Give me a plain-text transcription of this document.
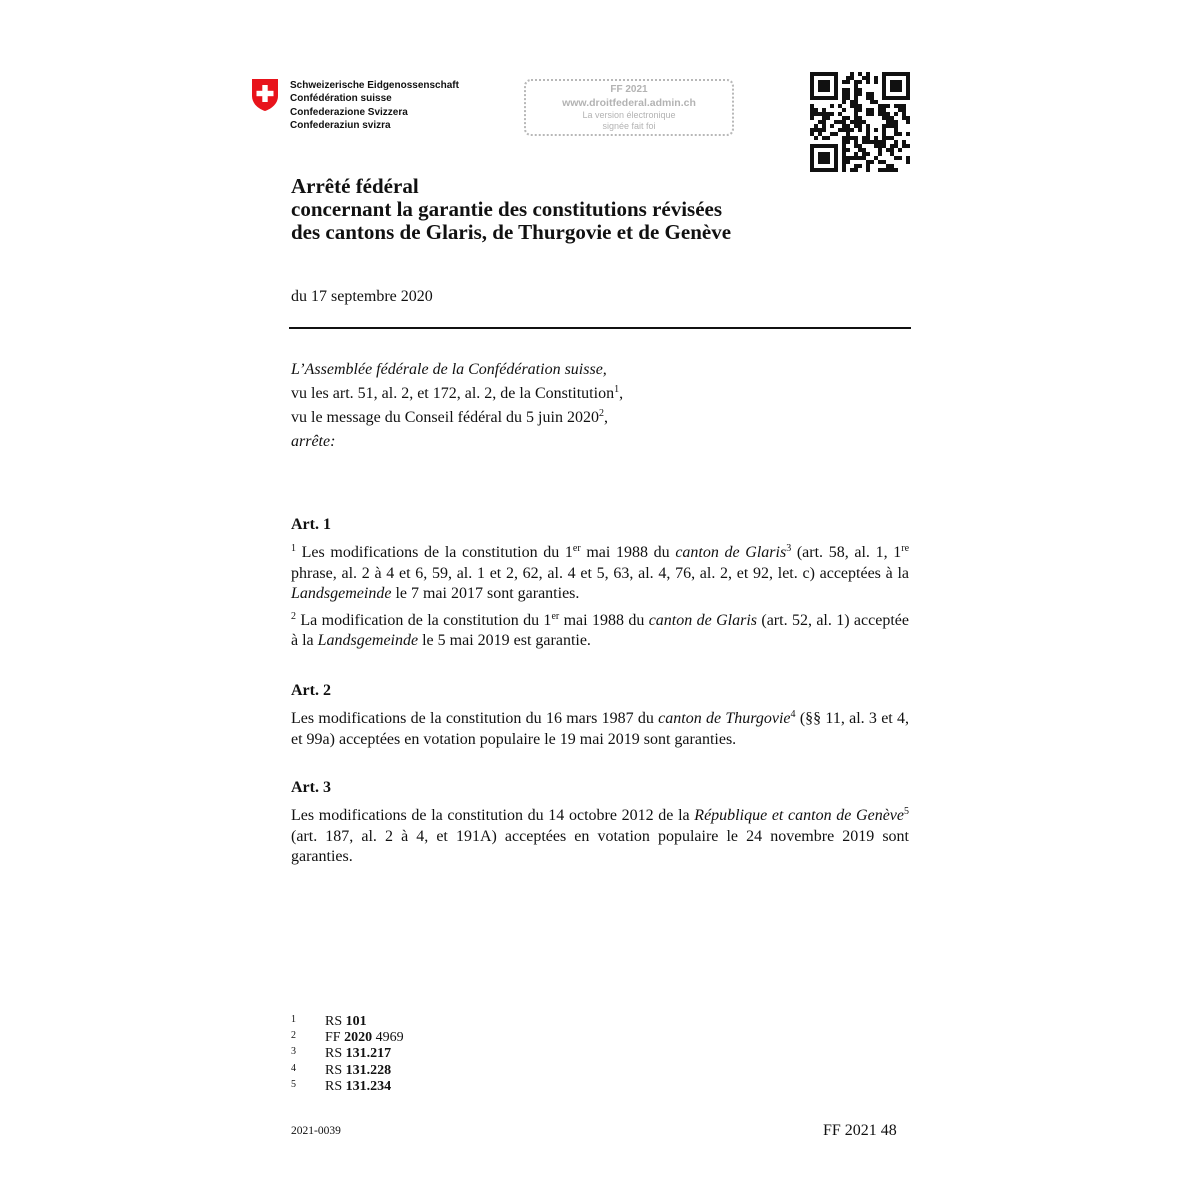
Schweizerische Eidgenossenschaft
Confédération suisse
Confederazione Svizzera
Confederaziun svizra
FF 2021
www.droitfederal.admin.ch
La version électronique
signée fait foi
Arrêté fédéral
concernant la garantie des constitutions révisées
des cantons de Glaris, de Thurgovie et de Genève
du 17 septembre 2020
L’Assemblée fédérale de la Confédération suisse,
vu les art. 51, al. 2, et 172, al. 2, de la Constitution$^1$,
vu le message du Conseil fédéral du 5 juin 2020$^2$,
arrête:
Art. 1
$^1$ Les modifications de la constitution du 1er mai 1988 du canton de Glaris$^3$ (art. 58, al. 1, 1re phrase, al. 2 à 4 et 6, 59, al. 1 et 2, 62, al. 4 et 5, 63, al. 4, 76, al. 2, et 92, let. c) acceptées à la Landsgemeinde le 7 mai 2017 sont garanties.
$^2$ La modification de la constitution du 1er mai 1988 du canton de Glaris (art. 52, al. 1) acceptée à la Landsgemeinde le 5 mai 2019 est garantie.
Art. 2
Les modifications de la constitution du 16 mars 1987 du canton de Thurgovie$^4$ (§§ 11, al. 3 et 4, et 99a) acceptées en votation populaire le 19 mai 2019 sont garanties.
Art. 3
Les modifications de la constitution du 14 octobre 2012 de la République et canton de Genève$^5$ (art. 187, al. 2 à 4, et 191A) acceptées en votation populaire le 24 novembre 2019 sont garanties.
1	RS 101
2	FF 2020 4969
3	RS 131.217
4	RS 131.228
5	RS 131.234
2021-0039	FF 2021 48
